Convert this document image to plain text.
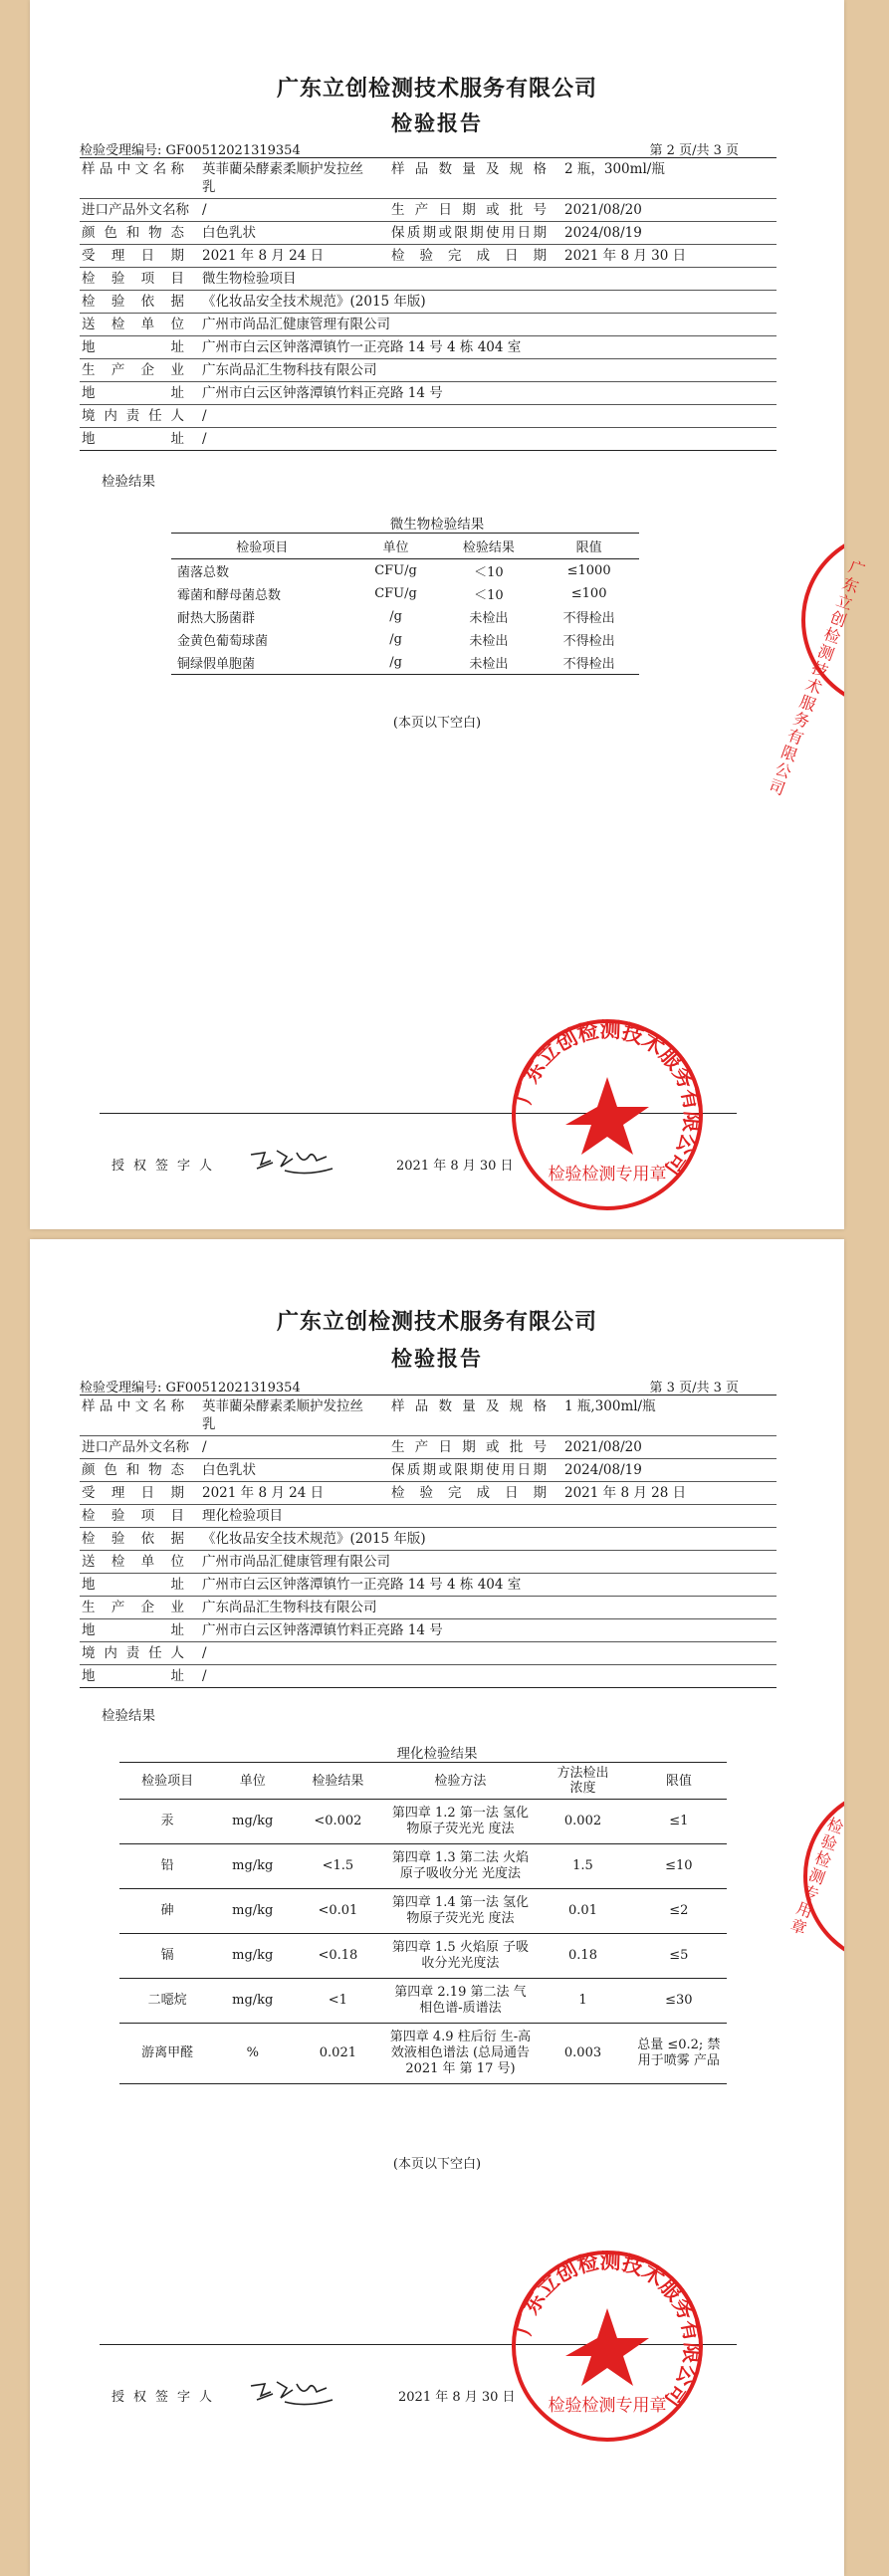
广东立创检测技术服务有限公司
检验报告
检验受理编号: GF00512021319354	第 2 页/共 3 页
样品中文名称		英菲藺朵酵素柔顺护发拉丝
乳	样品数量及规格		2 瓶，300ml/瓶
进口产品外文名称		/	生产日期或批号		2021/08/20
颜色和物态		白色乳状	保质期或限期使用日期		2024/08/19
受理日期		2021 年 8 月 24 日	检验完成日期		2021 年 8 月 30 日
检验项目		微生物检验项目			
检验依据		《化妆品安全技术规范》(2015 年版)			
送检单位		广州市尚品汇健康管理有限公司			
地址		广州市白云区钟落潭镇竹一正亮路 14 号 4 栋 404 室			
生产企业		广东尚品汇生物科技有限公司			
地址		广州市白云区钟落潭镇竹料正亮路 14 号			
境内责任人		/			
地址		/			
检验结果
微生物检验结果
检验项目	单位	检验结果	限值
菌落总数	CFU/g	＜10	≤1000
霉菌和酵母菌总数	CFU/g	＜10	≤100
耐热大肠菌群	/g	未检出	不得检出
金黄色葡萄球菌	/g	未检出	不得检出
铜绿假单胞菌	/g	未检出	不得检出
(本页以下空白)
授权签字人	2021 年 8 月 30 日
广东立创检测技术服务有限公司
广东立创检测技术服务有限公司
检验检测专用章
广东立创检测技术服务有限公司
检验报告
检验受理编号: GF00512021319354	第 3 页/共 3 页
样品中文名称		英菲藺朵酵素柔顺护发拉丝
乳	样品数量及规格		1 瓶,300ml/瓶
进口产品外文名称		/	生产日期或批号		2021/08/20
颜色和物态		白色乳状	保质期或限期使用日期		2024/08/19
受理日期		2021 年 8 月 24 日	检验完成日期		2021 年 8 月 28 日
检验项目		理化检验项目			
检验依据		《化妆品安全技术规范》(2015 年版)			
送检单位		广州市尚品汇健康管理有限公司			
地址		广州市白云区钟落潭镇竹一正亮路 14 号 4 栋 404 室			
生产企业		广东尚品汇生物科技有限公司			
地址		广州市白云区钟落潭镇竹料正亮路 14 号			
境内责任人		/			
地址		/			
检验结果
理化检验结果
检验项目	单位	检验结果	检验方法	方法检出
浓度	限值
汞	mg/kg	<0.002	第四章 1.2 第一法 氢化物原子荧光光 度法	0.002	≤1
铅	mg/kg	<1.5	第四章 1.3 第二法 火焰原子吸收分光 光度法	1.5	≤10
砷	mg/kg	<0.01	第四章 1.4 第一法 氢化物原子荧光光 度法	0.01	≤2
镉	mg/kg	<0.18	第四章 1.5 火焰原 子吸收分光光度法	0.18	≤5
二噁烷	mg/kg	<1	第四章 2.19 第二法 气相色谱-质谱法	1	≤30
游离甲醛	%	0.021	第四章 4.9 柱后衍 生-高效液相色谱法 (总局通告 2021 年 第 17 号)	0.003	总量 ≤0.2; 禁 用于喷雾 产品
(本页以下空白)
授权签字人	2021 年 8 月 30 日
检验检测专用章
广东立创检测技术服务有限公司
检验检测专用章
